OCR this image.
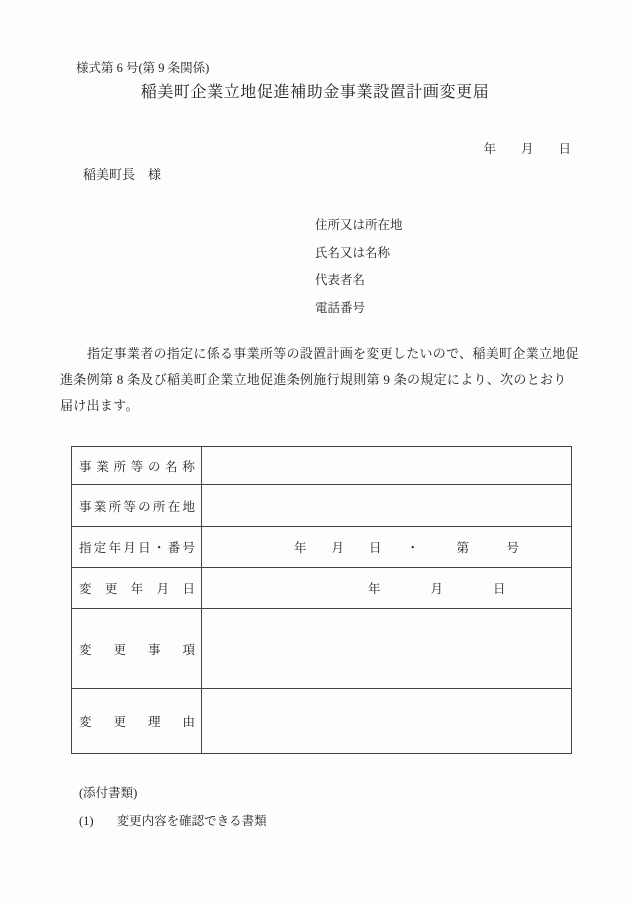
様式第 6 号(第 9 条関係)
稲美町企業立地促進補助金事業設置計画変更届
年　　月　　日
稲美町長　様
住所又は所在地
氏名又は名称
代表者名
電話番号
指定事業者の指定に係る事業所等の設置計画を変更したいので、稲美町企業立地促
進条例第 8 条及び稲美町企業立地促進条例施行規則第 9 条の規定により、次のとおり
届け出ます。
事 業 所 等 の 名 称

事 業 所 等 の 所 在 地

指 定 年 月 日 ・ 番 号	年　　月　　日　　・　　　第　　　号

変 更 年 月 日	年　　　　月　　　　日

変 更 事 項	

変 更 理 由	

(添付書類)
(1) 変更内容を確認できる書類
